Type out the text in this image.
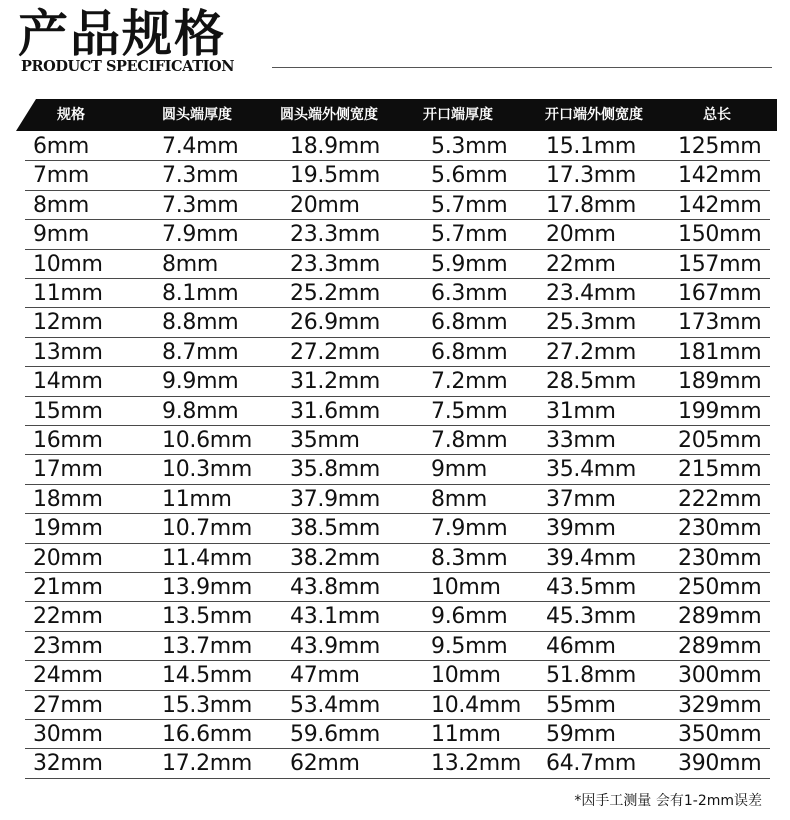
产品规格
PRODUCT SPECIFICATION
规格	圆头端厚度	圆头端外侧宽度	开口端厚度	开口端外侧宽度	总长
6mm	7.4mm 18.9mm 5.3mm 15.1mm 125mm
7mm	7.3mm 19.5mm 5.6mm 17.3mm 142mm
8mm	7.3mm 20mm	5.7mm 17.8mm 142mm
9mm	7.9mm 23.3mm 5.7mm 20mm	150mm
10mm	8mm	23.3mm 5.9mm 22mm	157mm
11mm	8.1mm 25.2mm 6.3mm 23.4mm 167mm
12mm	8.8mm 26.9mm 6.8mm 25.3mm 173mm
13mm	8.7mm 27.2mm 6.8mm 27.2mm 181mm
14mm	9.9mm 31.2mm 7.2mm 28.5mm 189mm
15mm	9.8mm 31.6mm 7.5mm 31mm	199mm
16mm	10.6mm 35mm	7.8mm 33mm	205mm
17mm	10.3mm 35.8mm 9mm	35.4mm 215mm
18mm	11mm	37.9mm 8mm	37mm	222mm
19mm	10.7mm 38.5mm 7.9mm 39mm	230mm
20mm	11.4mm 38.2mm 8.3mm 39.4mm 230mm
21mm	13.9mm 43.8mm 10mm 43.5mm 250mm
22mm	13.5mm 43.1mm 9.6mm 45.3mm 289mm
23mm	13.7mm 43.9mm 9.5mm 46mm	289mm
24mm	14.5mm 47mm	10mm 51.8mm 300mm
27mm	15.3mm 53.4mm 10.4mm 55mm	329mm
30mm	16.6mm 59.6mm 11mm 59mm	350mm
32mm	17.2mm 62mm	13.2mm 64.7mm 390mm
*因手工测量 会有1-2mm误差
